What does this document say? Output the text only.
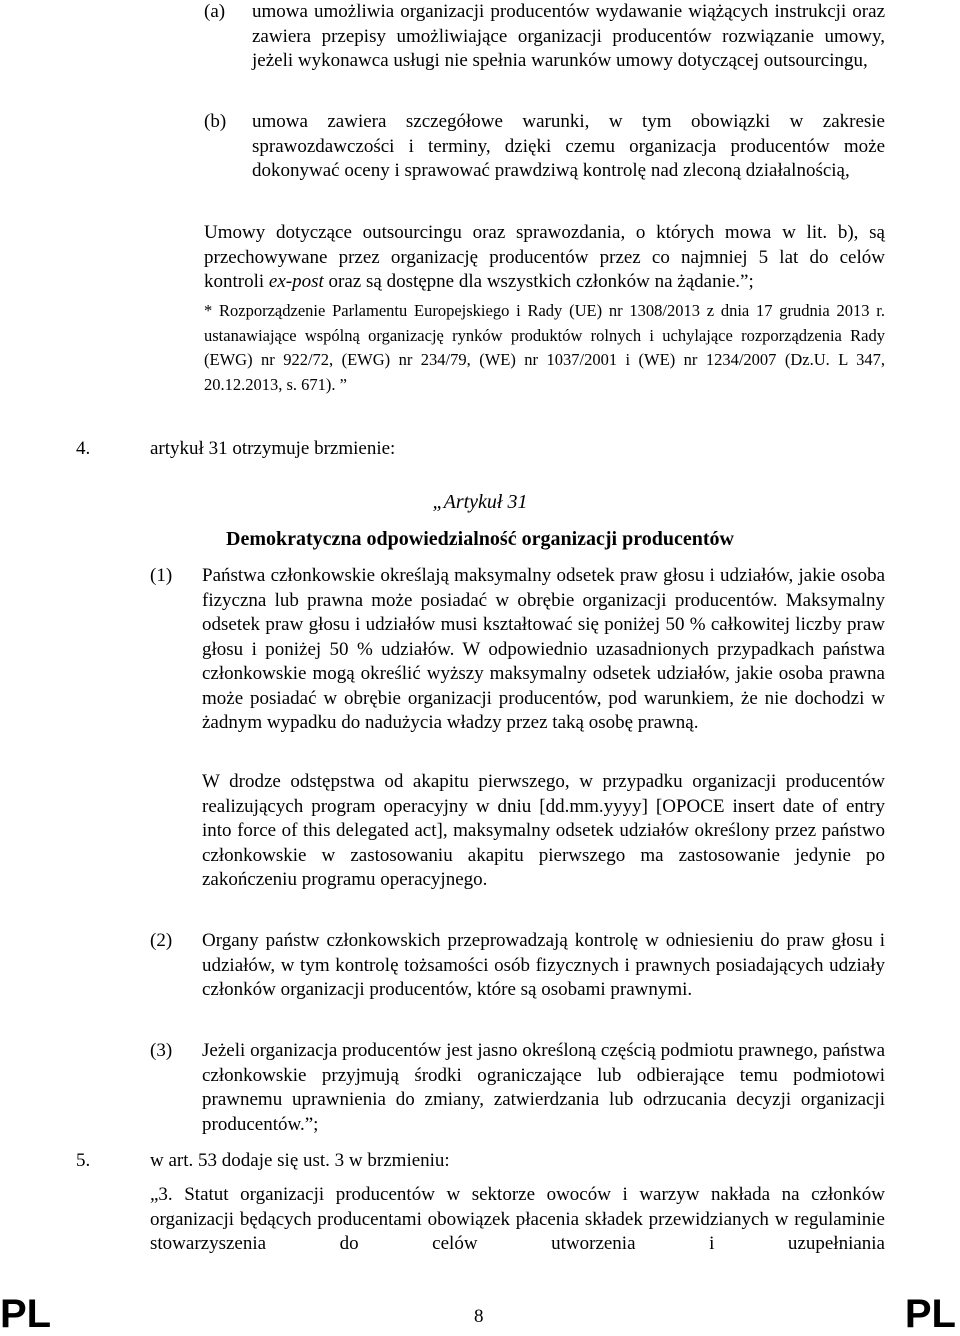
(a) umowa umożliwia organizacji producentów wydawanie wiążących instrukcji oraz zawiera przepisy umożliwiające organizacji producentów rozwiązanie umowy, jeżeli wykonawca usługi nie spełnia warunków umowy dotyczącej outsourcingu,
(b) umowa zawiera szczegółowe warunki, w tym obowiązki w zakresie sprawozdawczości i terminy, dzięki czemu organizacja producentów może dokonywać oceny i sprawować prawdziwą kontrolę nad zleconą działalnością,
Umowy dotyczące outsourcingu oraz sprawozdania, o których mowa w lit. b), są przechowywane przez organizację producentów przez co najmniej 5 lat do celów kontroli ex-post oraz są dostępne dla wszystkich członków na żądanie.”;
* Rozporządzenie Parlamentu Europejskiego i Rady (UE) nr 1308/2013 z dnia 17 grudnia 2013 r. ustanawiające wspólną organizację rynków produktów rolnych i uchylające rozporządzenia Rady (EWG) nr 922/72, (EWG) nr 234/79, (WE) nr 1037/2001 i (WE) nr 1234/2007 (Dz.U. L 347, 20.12.2013, s. 671). ”
4.	artykuł 31 otrzymuje brzmienie:
„Artykuł 31
Demokratyczna odpowiedzialność organizacji producentów
(1) Państwa członkowskie określają maksymalny odsetek praw głosu i udziałów, jakie osoba fizyczna lub prawna może posiadać w obrębie organizacji producentów. Maksymalny odsetek praw głosu i udziałów musi kształtować się poniżej 50 % całkowitej liczby praw głosu i poniżej 50 % udziałów. W odpowiednio uzasadnionych przypadkach państwa członkowskie mogą określić wyższy maksymalny odsetek udziałów, jakie osoba prawna może posiadać w obrębie organizacji producentów, pod warunkiem, że nie dochodzi w żadnym wypadku do nadużycia władzy przez taką osobę prawną.
W drodze odstępstwa od akapitu pierwszego, w przypadku organizacji producentów realizujących program operacyjny w dniu [dd.mm.yyyy] [OPOCE insert date of entry into force of this delegated act], maksymalny odsetek udziałów określony przez państwo członkowskie w zastosowaniu akapitu pierwszego ma zastosowanie jedynie po zakończeniu programu operacyjnego.
(2) Organy państw członkowskich przeprowadzają kontrolę w odniesieniu do praw głosu i udziałów, w tym kontrolę tożsamości osób fizycznych i prawnych posiadających udziały członków organizacji producentów, które są osobami prawnymi.
(3) Jeżeli organizacja producentów jest jasno określoną częścią podmiotu prawnego, państwa członkowskie przyjmują środki ograniczające lub odbierające temu podmiotowi prawnemu uprawnienia do zmiany, zatwierdzania lub odrzucania decyzji organizacji producentów.”;
5.	w art. 53 dodaje się ust. 3 w brzmieniu:
„3. Statut organizacji producentów w sektorze owoców i warzyw nakłada na członków organizacji będących producentami obowiązek płacenia składek przewidzianych w regulaminie stowarzyszenia do celów utworzenia i uzupełniania
PL	8	PL
